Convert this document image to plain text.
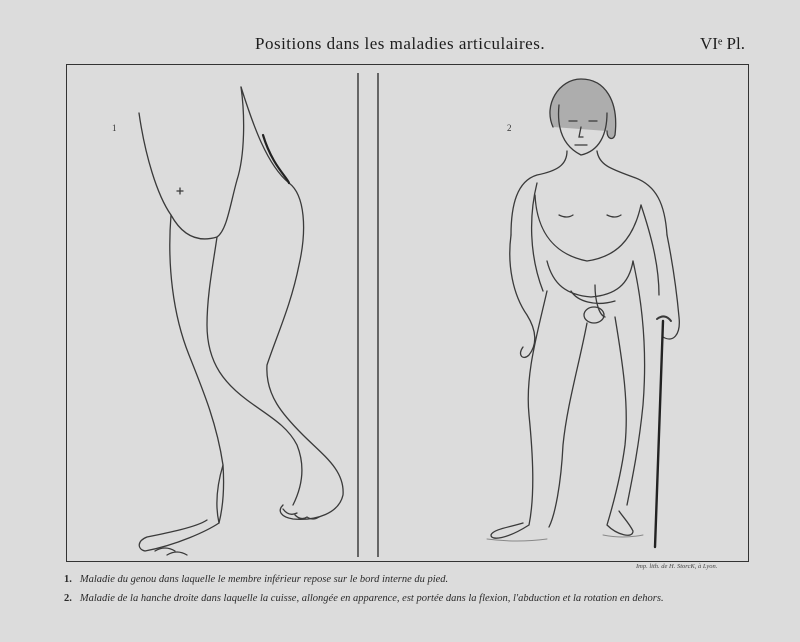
Positions dans les maladies articulaires.	VIᵉ Pl.
1	2
Imp. lith. de H. StorcK, à Lyon.
1. Maladie du genou dans laquelle le membre inférieur repose sur le bord interne du pied.
2. Maladie de la hanche droite dans laquelle la cuisse, allongée en apparence, est portée dans la flexion, l'abduction et la rotation en dehors.
